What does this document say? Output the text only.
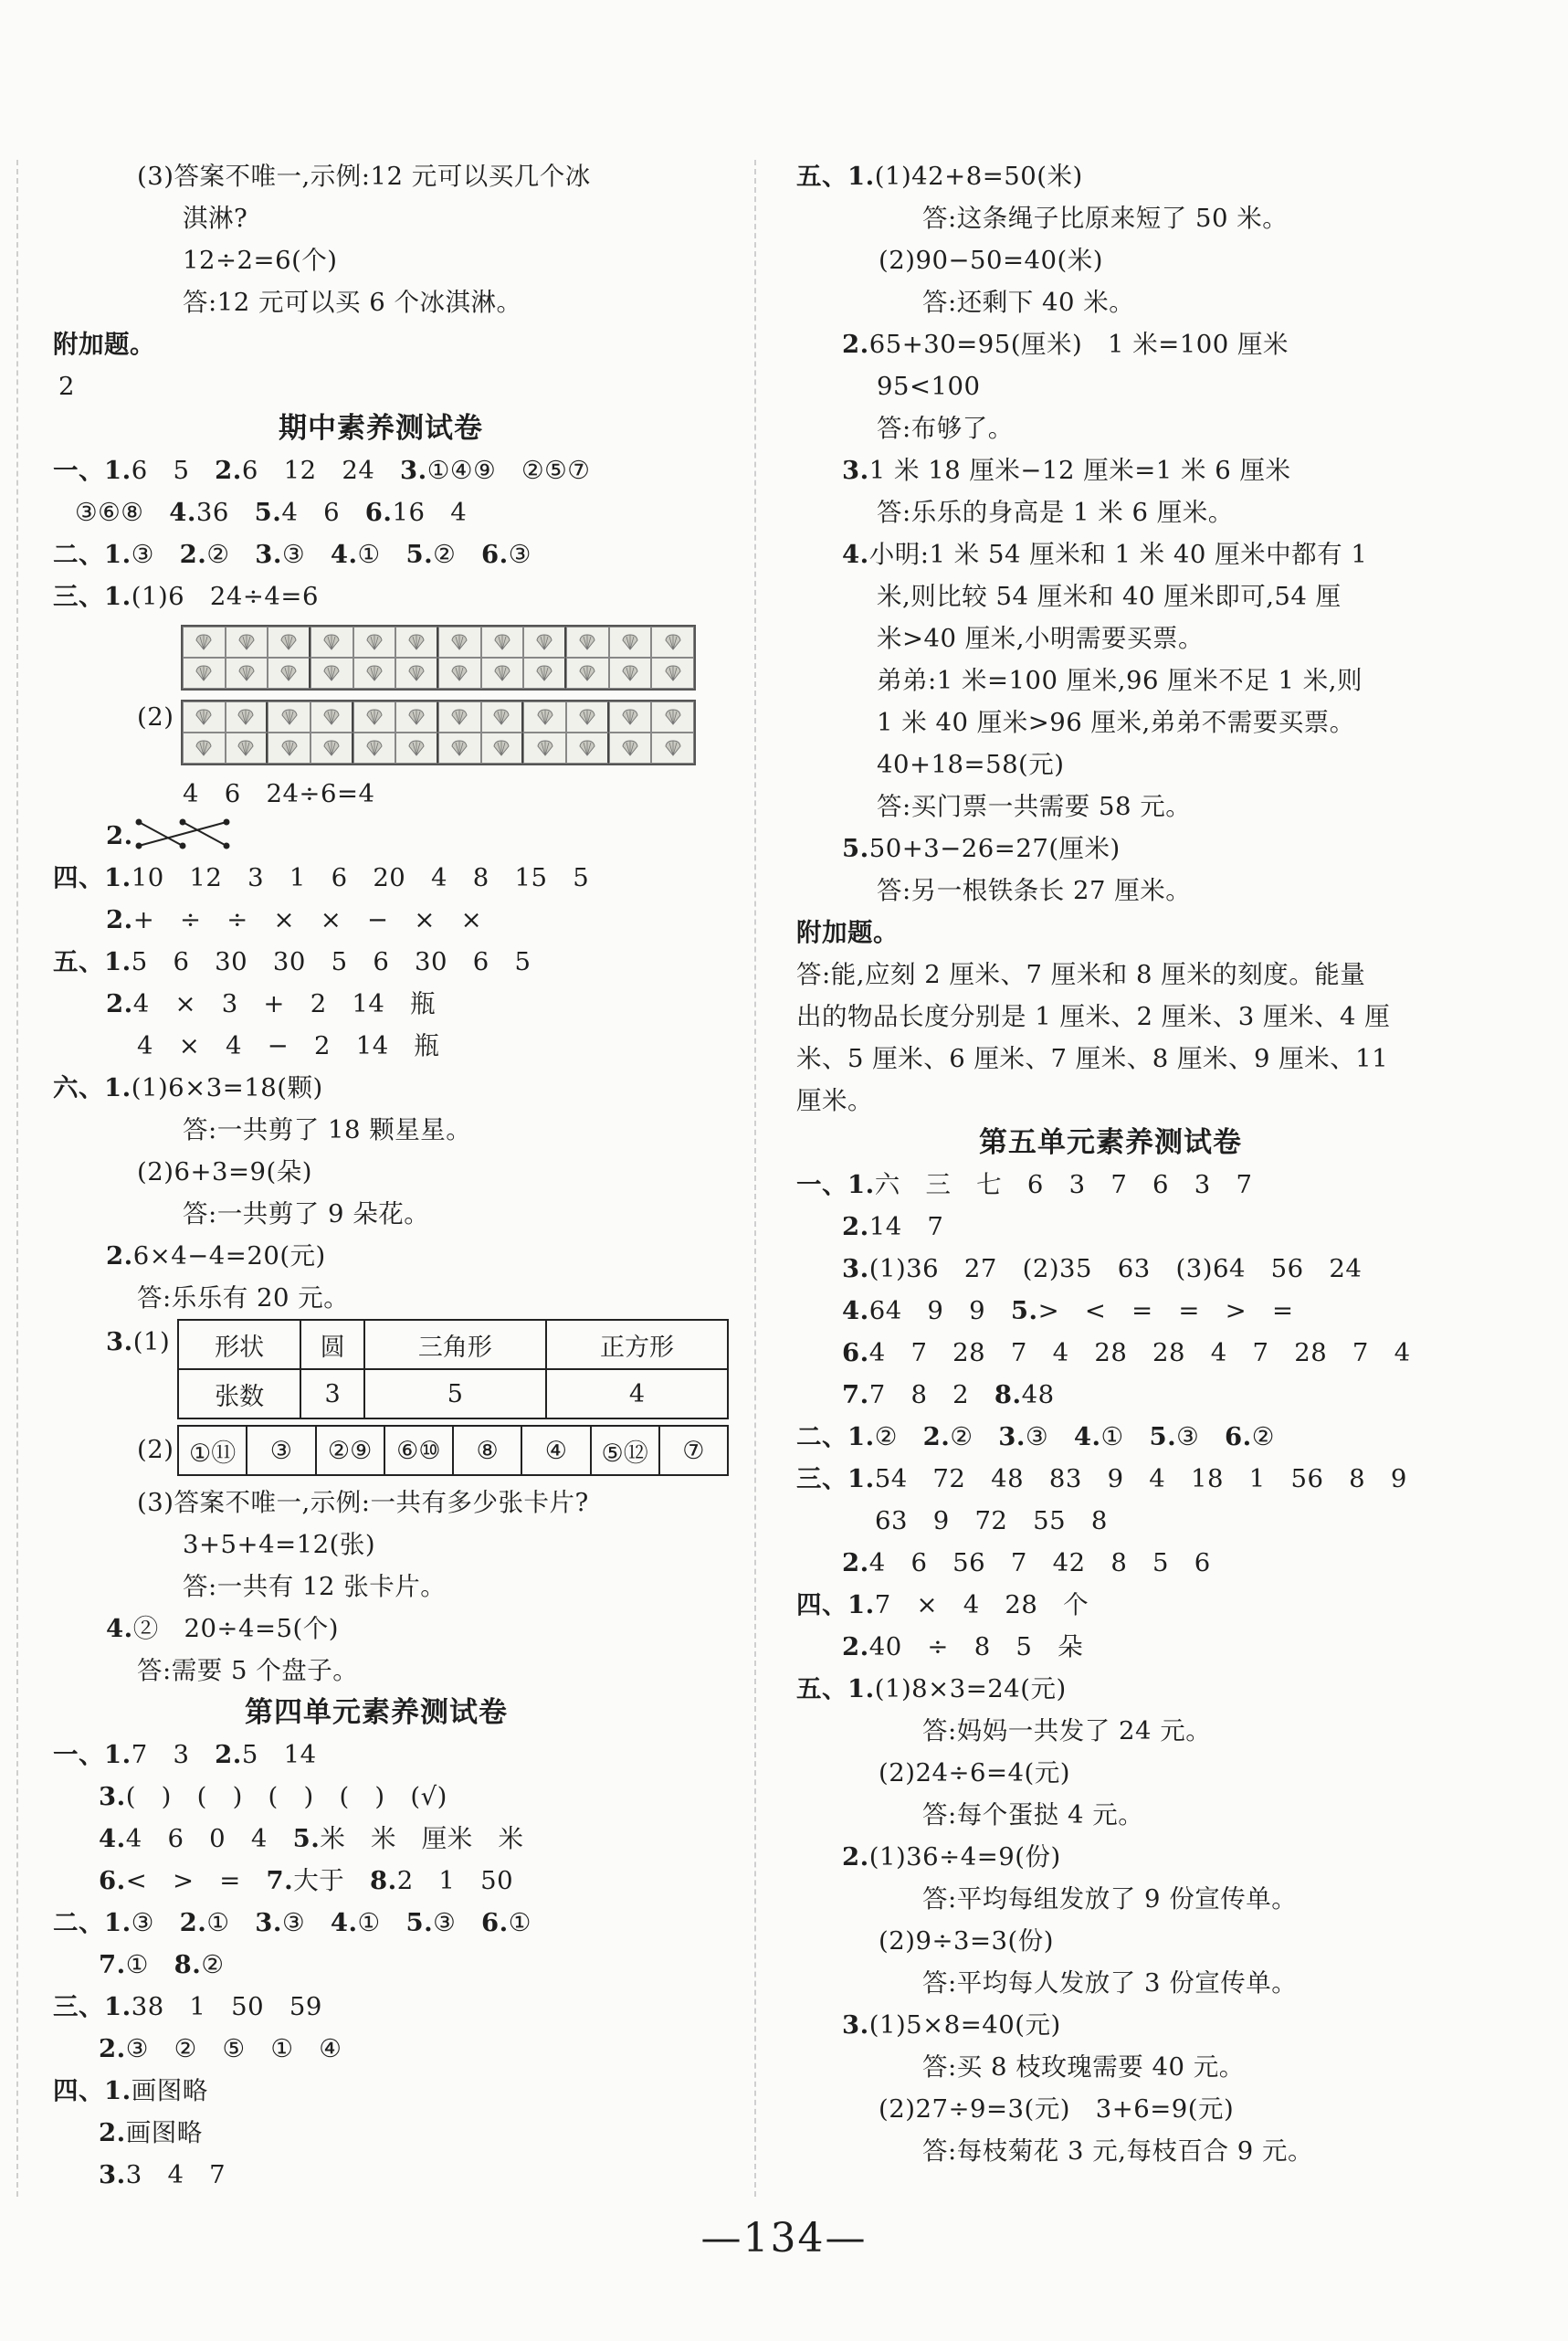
(3)答案不唯一,示例:12 元可以买几个冰
淇淋?
12÷2=6(个)
答:12 元可以买 6 个冰淇淋。
附加题。
2
期中素养测试卷
一、1.6   5   2.6   12   24   3.①④⑨   ②⑤⑦
③⑥⑧   4.36   5.4   6   6.16   4
二、1.③   2.②   3.③   4.①   5.②   6.③
三、1.(1)6   24÷4=6
(2)
4   6   24÷6=4
2.
四、1.10   12   3   1   6   20   4   8   15   5
2.+   ÷   ÷   ×   ×   −   ×   ×
五、1.5   6   30   30   5   6   30   6   5
2.4   ×   3   +   2   14   瓶
4   ×   4   −   2   14   瓶
六、1.(1)6×3=18(颗)
答:一共剪了 18 颗星星。
(2)6+3=9(朵)
答:一共剪了 9 朵花。
2.6×4−4=20(元)
答:乐乐有 20 元。
3.(1) 形状	圆	三角形	正方形
张数	3	5	4
(2) ①⑪	③	②⑨ ⑥⑩	⑧	④	⑤⑫	⑦
(3)答案不唯一,示例:一共有多少张卡片?
3+5+4=12(张)
答:一共有 12 张卡片。
4.②   20÷4=5(个)
答:需要 5 个盘子。
第四单元素养测试卷
一、1.7   3   2.5   14
3.(   )   (   )   (   )   (   )   (√)
4.4   6   0   4   5.米   米   厘米   米
6.<   >   =   7.大于   8.2   1   50
二、1.③   2.①   3.③   4.①   5.③   6.①
7.①   8.②
三、1.38   1   50   59
2.③   ②   ⑤   ①   ④
四、1.画图略
2.画图略
3.3   4   7
五、1.(1)42+8=50(米)
答:这条绳子比原来短了 50 米。
(2)90−50=40(米)
答:还剩下 40 米。
2.65+30=95(厘米)   1 米=100 厘米
95<100
答:布够了。
3.1 米 18 厘米−12 厘米=1 米 6 厘米
答:乐乐的身高是 1 米 6 厘米。
4.小明:1 米 54 厘米和 1 米 40 厘米中都有 1
米,则比较 54 厘米和 40 厘米即可,54 厘
米>40 厘米,小明需要买票。
弟弟:1 米=100 厘米,96 厘米不足 1 米,则
1 米 40 厘米>96 厘米,弟弟不需要买票。
40+18=58(元)
答:买门票一共需要 58 元。
5.50+3−26=27(厘米)
答:另一根铁条长 27 厘米。
附加题。
答:能,应刻 2 厘米、7 厘米和 8 厘米的刻度。能量
出的物品长度分别是 1 厘米、2 厘米、3 厘米、4 厘
米、5 厘米、6 厘米、7 厘米、8 厘米、9 厘米、11
厘米。
第五单元素养测试卷
一、1.六   三   七   6   3   7   6   3   7
2.14   7
3.(1)36   27   (2)35   63   (3)64   56   24
4.64   9   9   5.>   <   =   =   >   =
6.4   7   28   7   4   28   28   4   7   28   7   4
7.7   8   2   8.48
二、1.②   2.②   3.③   4.①   5.③   6.②
三、1.54   72   48   83   9   4   18   1   56   8   9
63   9   72   55   8
2.4   6   56   7   42   8   5   6
四、1.7   ×   4   28   个
2.40   ÷   8   5   朵
五、1.(1)8×3=24(元)
答:妈妈一共发了 24 元。
(2)24÷6=4(元)
答:每个蛋挞 4 元。
2.(1)36÷4=9(份)
答:平均每组发放了 9 份宣传单。
(2)9÷3=3(份)
答:平均每人发放了 3 份宣传单。
3.(1)5×8=40(元)
答:买 8 枝玫瑰需要 40 元。
(2)27÷9=3(元)   3+6=9(元)
答:每枝菊花 3 元,每枝百合 9 元。
—134—
